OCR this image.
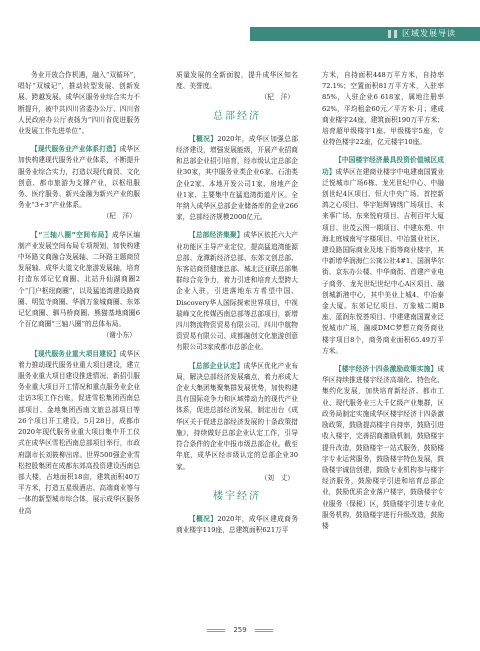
区域发展导读
务业开放合作机遇，融入“双循环”，唱好“双城记”，推动转型发展、创新发展、跨越发展。成华区服务业综合实力不断提升，被中共四川省委办公厅、四川省人民政府办公厅表扬为“四川省促进服务业发展工作先进单位”。
【现代服务业产业体系打造】成华区加快构建现代服务业产业体系，不断提升服务业综合实力，打造以现代商贸、文化创意、都市旅游为支撑产业，以枢纽服务、医疗服务、新兴金融为新兴产业的服务业“3+3”产业体系。
（杞　洋）
【“三轴八圈”空间布局】成华区编制产业发展空间布局专项规划，加快构建中环路文商融合发展轴、二环路主题商贸发展轴、成华大道文化旅游发展轴，培育打造东郊记忆商圈、北站升仙湖商圈2个“门户枢纽商圈”，以及猛追湾建设路商圈、明览寺商圈、华润万象城商圈、东郊记忆商圈、驷马桥商圈、熊猫基地商圈6个百亿商圈“三轴八圈”的总体布局。
（谢小东）
【现代服务业重大项目建设】成华区着力推动现代服务业重大项目建设，建立服务业重大项目建设推进情况、新招引服务业重大项目开工情况和重点服务业企业走访3项工作台账，促进雪松集团西南总部项目、金地集团西南文旅总部项目等26个项目开工建设。5月28日，成都市2020年现代服务业重大项目集中开工仪式在成华区雪松西南总部项目举行，市政府副市长刘筱柳出席。世界500强企业雪松控股集团在成都东郊高投资建设西南总部大楼，占地面积18亩，建筑面积40万平方米，打造五星级酒店、高端商业等与一体的新型城市综合体，展示成华区服务业高
质量发展的全新面貌，提升成华区知名度、美誉度。
（杞　洋）
总部经济
【概况】2020年，成华区加强总部经济建设，增强发展能级，开展产业招商和总部企业招引培育，经市级认定总部企业30家，其中服务业类企业6家、石油类企业2家、本地开发公司1家、房地产企业1家、主要集中在猛追湾街道片区。全年纳入成华区总部企业储备库的企业266家，总部经济规模2000亿元。
【总部经济集聚】成华区依托六大产业功能区主导产业定位，提高猛追湾能源总部、龙潭新经济总部、东郊文创总部、东客站商贸健康总部、城北泛亚联总部集群综合竞争力，着力引进和培育大型跨大企业入驻，引进落地东方希望中国、Discovery华人国际探索世界项目，中视瑞峰文化传媒西南总部等总部项目，新增四川物流物资贸易有限公司、四川中航物资贸易有限公司、成都融创文化旅游创意有限公司3家成都市总部企业。
【总部企业认定】成华区优化产业布局，解决总部经济发展痛点，着力形成大企业大集团集聚集群发展优势，加快构建具有国际竞争力和区域带动力的现代产业体系，促进总部经济发展，制定出台《成华区关于促进总部经济发展的十条政策措施》，持续做好总部企业认定工作，引导符合条件的企业申报市级总部企业。截至年底，成华区经市级认定的总部企业30家。
（刘　丈）
楼宇经济
【概况】2020年，成华区建成商务商业楼宇119座，总建筑面积621万平
方米，自持面积448万平方米，自持率72.1%；空置面积81万平方米，入驻率85%，入驻企业6 618家，属地注册率62%，平均租金60元／平方米·月；建成商业楼宇24座，建筑面积190万平方米；培育超甲级楼宇1座、甲级楼宇5座，专业特色楼宇22座，亿元楼宇10座。
【中国楼宇经济最具投资价值城区成功】成华区在建商业楼宇中电建南国置业泛悦城市广场6栋、龙光世纪中心、中融创世纪4区项目、恒大中央广场、首控新鸿之心项目、华宇旭辉锦绣广场项目、未来事广场、东来悦府项目、吉利百年大厦项目、世茂云图一期项目、中建东苑、中海北庭城南写字楼项目、中冶置业社区、建设路国际商业及地下街等商业楼宇，其中新增华润海仁公寓公社4#1、国润华尔街、京东办公楼、中华商街、首建产业电子商务、龙光世纪世纪中心A区项目、融创城新港中心，其中美业上城4、中冶泰金大厦。东郊记忆项目、万象城二期B座、蓝润东悦荟项目、中建建南国置业泛悦城市广场，融威DMC梦想立商务商业楼宇项目8个，商务商业面积65.49万平方米。
【楼宇经济十四条激励政策实施】成华区持续推进楼宇经济高端化、特色化、集约化发展，加快培育新经济、都市工业、现代服务业三大千亿级产业集群，区政务局制定实施成华区楼宇经济十四条激励政策，鼓励提高楼宇自持率，鼓励引进收入楼宇，完善招商激励机制，鼓励楼宇提升改造，鼓励楼宇一站式服务，鼓励楼宇专业运营服务，鼓励楼宇特色发展，鼓励楼宇诚信创建，鼓励专业机构参与楼宇经济服务，鼓励楼宇引进和培育总部企业，鼓励优质企业落户楼宇，鼓励楼宇专业服务（保税）区，鼓励楼宇引进专业化服务机构，鼓励楼宇进行升级改造，鼓励楼
259
